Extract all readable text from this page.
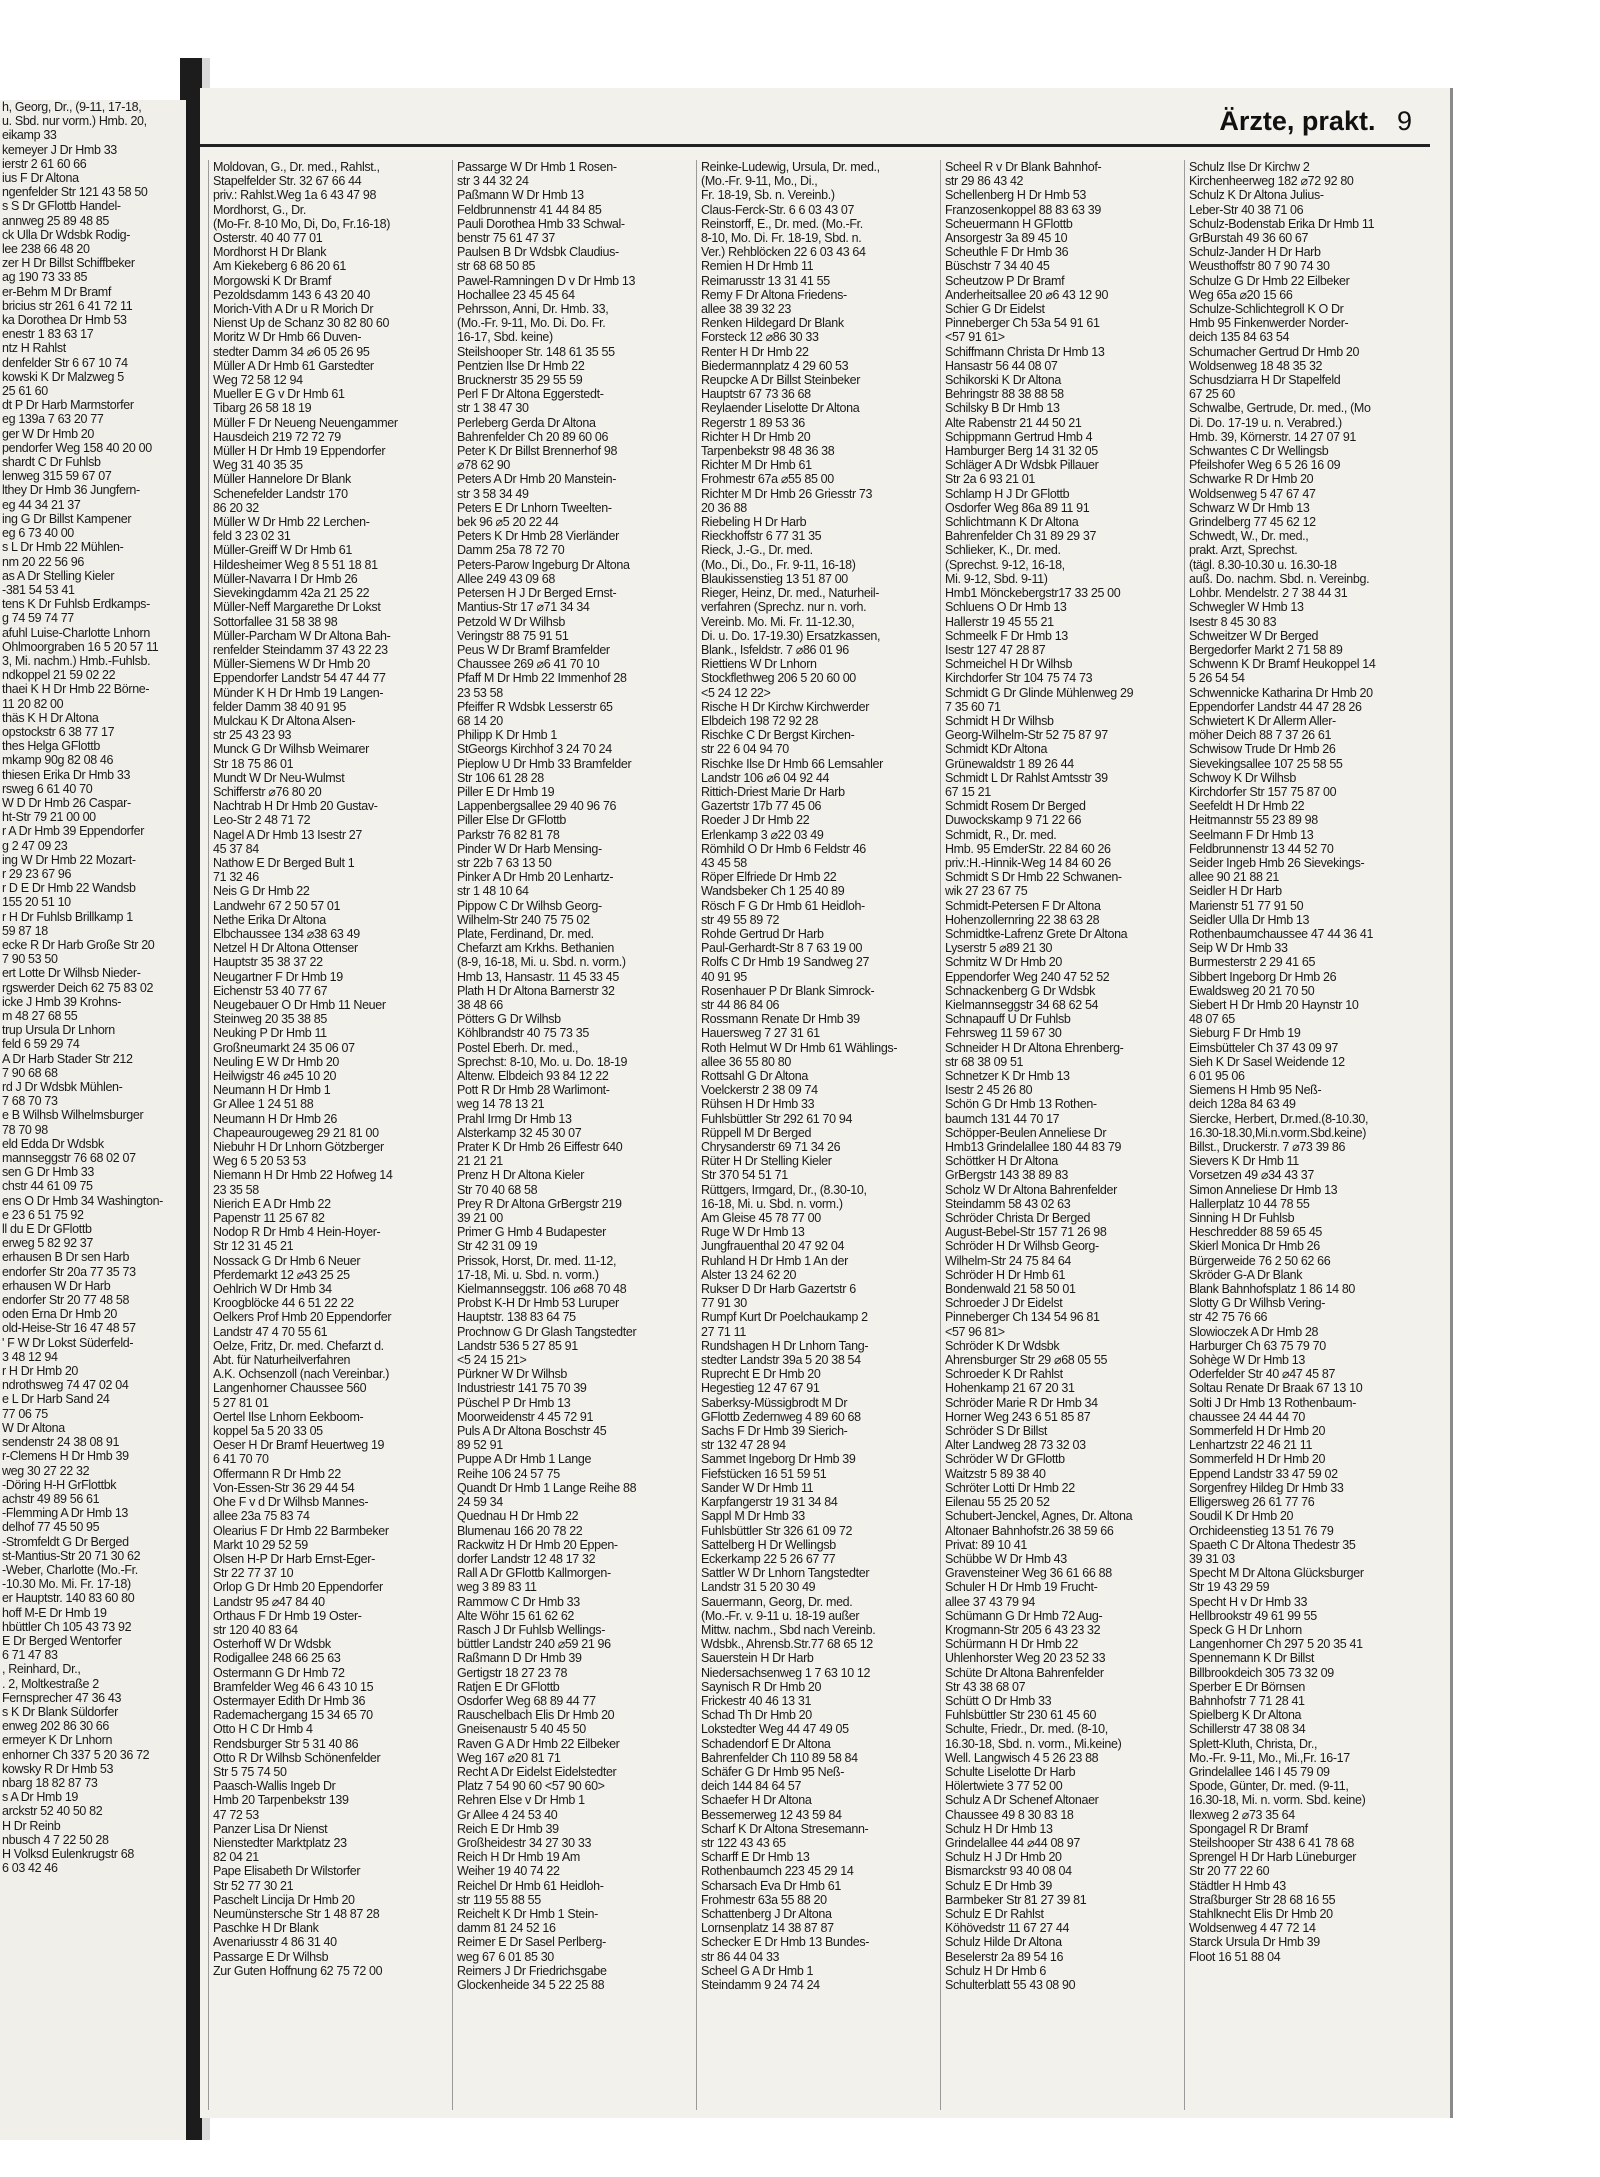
h, Georg, Dr., (9-11, 17-18,
u. Sbd. nur vorm.) Hmb. 20,
eikamp 33
kemeyer J Dr Hmb 33
ierstr 2 61 60 66
ius F Dr Altona
ngenfelder Str 121 43 58 50
s S Dr GFlottb Handel-
annweg 25 89 48 85
ck Ulla Dr Wdsbk Rodig-
lee 238 66 48 20
zer H Dr Billst Schiffbeker
ag 190 73 33 85
er-Behm M Dr Bramf
bricius str 261 6 41 72 11
ka Dorothea Dr Hmb 53
enestr 1 83 63 17
ntz H Rahlst
denfelder Str 6 67 10 74
kowski K Dr Malzweg 5
25 61 60
dt P Dr Harb Marmstorfer
eg 139a 7 63 20 77
ger W Dr Hmb 20
pendorfer Weg 158 40 20 00
shardt C Dr Fuhlsb
lenweg 315 59 67 07
lthey Dr Hmb 36 Jungfern-
eg 44 34 21 37
ing G Dr Billst Kampener
eg 6 73 40 00
s L Dr Hmb 22 Mühlen-
nm 20 22 56 96
as A Dr Stelling Kieler
-381 54 53 41
tens K Dr Fuhlsb Erdkamps-
g 74 59 74 77
afuhl Luise-Charlotte Lnhorn
Ohlmoorgraben 16 5 20 57 11
3, Mi. nachm.) Hmb.-Fuhlsb.
ndkoppel 21 59 02 22
thaei K H Dr Hmb 22 Börne-
11 20 82 00
thäs K H Dr Altona
opstockstr 6 38 77 17
thes Helga GFlottb
mkamp 90g 82 08 46
thiesen Erika Dr Hmb 33
rsweg 6 61 40 70
W D Dr Hmb 26 Caspar-
ht-Str 79 21 00 00
r A Dr Hmb 39 Eppendorfer
g 2 47 09 23
ing W Dr Hmb 22 Mozart-
r 29 23 67 96
r D E Dr Hmb 22 Wandsb
155 20 51 10
r H Dr Fuhlsb Brillkamp 1
59 87 18
ecke R Dr Harb Große Str 20
7 90 53 50
ert Lotte Dr Wilhsb Nieder-
rgswerder Deich 62 75 83 02
icke J Hmb 39 Krohns-
m 48 27 68 55
trup Ursula Dr Lnhorn
feld 6 59 29 74
A Dr Harb Stader Str 212
7 90 68 68
rd J Dr Wdsbk Mühlen-
7 68 70 73
e B Wilhsb Wilhelmsburger
78 70 98
eld Edda Dr Wdsbk
mannseggstr 76 68 02 07
sen G Dr Hmb 33
chstr 44 61 09 75
ens O Dr Hmb 34 Washington-
e 23 6 51 75 92
ll du E Dr GFlottb
erweg 5 82 92 37
erhausen B Dr sen Harb
endorfer Str 20a 77 35 73
erhausen W Dr Harb
endorfer Str 20 77 48 58
oden Erna Dr Hmb 20
old-Heise-Str 16 47 48 57
' F W Dr Lokst Süderfeld-
3 48 12 94
r H Dr Hmb 20
ndrothsweg 74 47 02 04
e L Dr Harb Sand 24
77 06 75
W Dr Altona
sendenstr 24 38 08 91
r-Clemens H Dr Hmb 39
weg 30 27 22 32
-Döring H-H GrFlottbk
achstr 49 89 56 61
-Flemming A Dr Hmb 13
delhof 77 45 50 95
-Stromfeldt G Dr Berged
st-Mantius-Str 20 71 30 62
-Weber, Charlotte (Mo.-Fr.
-10.30 Mo. Mi. Fr. 17-18)
er Hauptstr. 140 83 60 80
hoff M-E Dr Hmb 19
hbüttler Ch 105 43 73 92
E Dr Berged Wentorfer
6 71 47 83
, Reinhard, Dr.,
. 2, Moltkestraße 2
Fernsprecher 47 36 43
s K Dr Blank Süldorfer
enweg 202 86 30 66
ermeyer K Dr Lnhorn
enhorner Ch 337 5 20 36 72
kowsky R Dr Hmb 53
nbarg 18 82 87 73
s A Dr Hmb 19
arckstr 52 40 50 82
H Dr Reinb
nbusch 4 7 22 50 28
H Volksd Eulenkrugstr 68
6 03 42 46
Ärzte, prakt. 9
Moldovan, G., Dr. med., Rahlst.,
Stapelfelder Str. 32 67 66 44
priv.: Rahlst.Weg 1a 6 43 47 98
Mordhorst, G., Dr.
(Mo-Fr. 8-10 Mo, Di, Do, Fr.16-18)
Osterstr. 40 40 77 01
Mordhorst H Dr Blank
Am Kiekeberg 6 86 20 61
Morgowski K Dr Bramf
Pezoldsdamm 143 6 43 20 40
Morich-Vith A Dr u R Morich Dr
Nienst Up de Schanz 30 82 80 60
Moritz W Dr Hmb 66 Duven-
stedter Damm 34 ⌀6 05 26 95
Müller A Dr Hmb 61 Garstedter
Weg 72 58 12 94
Mueller E G v Dr Hmb 61
Tibarg 26 58 18 19
Müller F Dr Neueng Neuengammer
Hausdeich 219 72 72 79
Müller H Dr Hmb 19 Eppendorfer
Weg 31 40 35 35
Müller Hannelore Dr Blank
Schenefelder Landstr 170
86 20 32
Müller W Dr Hmb 22 Lerchen-
feld 3 23 02 31
Müller-Greiff W Dr Hmb 61
Hildesheimer Weg 8 5 51 18 81
Müller-Navarra I Dr Hmb 26
Sievekingdamm 42a 21 25 22
Müller-Neff Margarethe Dr Lokst
Sottorfallee 31 58 38 98
Müller-Parcham W Dr Altona Bah-
renfelder Steindamm 37 43 22 23
Müller-Siemens W Dr Hmb 20
Eppendorfer Landstr 54 47 44 77
Münder K H Dr Hmb 19 Langen-
felder Damm 38 40 91 95
Mulckau K Dr Altona Alsen-
str 25 43 23 93
Munck G Dr Wilhsb Weimarer
Str 18 75 86 01
Mundt W Dr Neu-Wulmst
Schifferstr ⌀76 80 20
Nachtrab H Dr Hmb 20 Gustav-
Leo-Str 2 48 71 72
Nagel A Dr Hmb 13 Isestr 27
45 37 84
Nathow E Dr Berged Bult 1
71 32 46
Neis G Dr Hmb 22
Landwehr 67 2 50 57 01
Nethe Erika Dr Altona
Elbchaussee 134 ⌀38 63 49
Netzel H Dr Altona Ottenser
Hauptstr 35 38 37 22
Neugartner F Dr Hmb 19
Eichenstr 53 40 77 67
Neugebauer O Dr Hmb 11 Neuer
Steinweg 20 35 38 85
Neuking P Dr Hmb 11
Großneumarkt 24 35 06 07
Neuling E W Dr Hmb 20
Heilwigstr 46 ⌀45 10 20
Neumann H Dr Hmb 1
Gr Allee 1 24 51 88
Neumann H Dr Hmb 26
Chapeaurougeweg 29 21 81 00
Niebuhr H Dr Lnhorn Götzberger
Weg 6 5 20 53 53
Niemann H Dr Hmb 22 Hofweg 14
23 35 58
Nierich E A Dr Hmb 22
Papenstr 11 25 67 82
Nodop R Dr Hmb 4 Hein-Hoyer-
Str 12 31 45 21
Nossack G Dr Hmb 6 Neuer
Pferdemarkt 12 ⌀43 25 25
Oehlrich W Dr Hmb 34
Kroogblöcke 44 6 51 22 22
Oelkers Prof Hmb 20 Eppendorfer
Landstr 47 4 70 55 61
Oelze, Fritz, Dr. med. Chefarzt d.
Abt. für Naturheilverfahren
A.K. Ochsenzoll (nach Vereinbar.)
Langenhorner Chaussee 560
5 27 81 01
Oertel Ilse Lnhorn Eekboom-
koppel 5a 5 20 33 05
Oeser H Dr Bramf Heuertweg 19
6 41 70 70
Offermann R Dr Hmb 22
Von-Essen-Str 36 29 44 54
Ohe F v d Dr Wilhsb Mannes-
allee 23a 75 83 74
Olearius F Dr Hmb 22 Barmbeker
Markt 10 29 52 59
Olsen H-P Dr Harb Ernst-Eger-
Str 22 77 37 10
Orlop G Dr Hmb 20 Eppendorfer
Landstr 95 ⌀47 84 40
Orthaus F Dr Hmb 19 Oster-
str 120 40 83 64
Osterhoff W Dr Wdsbk
Rodigallee 248 66 25 63
Ostermann G Dr Hmb 72
Bramfelder Weg 46 6 43 10 15
Ostermayer Edith Dr Hmb 36
Rademachergang 15 34 65 70
Otto H C Dr Hmb 4
Rendsburger Str 5 31 40 86
Otto R Dr Wilhsb Schönenfelder
Str 5 75 74 50
Paasch-Wallis Ingeb Dr
Hmb 20 Tarpenbekstr 139
47 72 53
Panzer Lisa Dr Nienst
Nienstedter Marktplatz 23
82 04 21
Pape Elisabeth Dr Wilstorfer
Str 52 77 30 21
Paschelt Lincija Dr Hmb 20
Neumünstersche Str 1 48 87 28
Paschke H Dr Blank
Avenariusstr 4 86 31 40
Passarge E Dr Wilhsb
Zur Guten Hoffnung 62 75 72 00
Passarge W Dr Hmb 1 Rosen-
str 3 44 32 24
Paßmann W Dr Hmb 13
Feldbrunnenstr 41 44 84 85
Pauli Dorothea Hmb 33 Schwal-
benstr 75 61 47 37
Paulsen B Dr Wdsbk Claudius-
str 68 68 50 85
Pawel-Ramningen D v Dr Hmb 13
Hochallee 23 45 45 64
Pehrsson, Anni, Dr. Hmb. 33,
(Mo.-Fr. 9-11, Mo. Di. Do. Fr.
16-17, Sbd. keine)
Steilshooper Str. 148 61 35 55
Pentzien Ilse Dr Hmb 22
Brucknerstr 35 29 55 59
Perl F Dr Altona Eggerstedt-
str 1 38 47 30
Perleberg Gerda Dr Altona
Bahrenfelder Ch 20 89 60 06
Peter K Dr Billst Brennerhof 98
⌀78 62 90
Peters A Dr Hmb 20 Manstein-
str 3 58 34 49
Peters E Dr Lnhorn Tweelten-
bek 96 ⌀5 20 22 44
Peters K Dr Hmb 28 Vierländer
Damm 25a 78 72 70
Peters-Parow Ingeburg Dr Altona
Allee 249 43 09 68
Petersen H J Dr Berged Ernst-
Mantius-Str 17 ⌀71 34 34
Petzold W Dr Wilhsb
Veringstr 88 75 91 51
Peus W Dr Bramf Bramfelder
Chaussee 269 ⌀6 41 70 10
Pfaff M Dr Hmb 22 Immenhof 28
23 53 58
Pfeiffer R Wdsbk Lesserstr 65
68 14 20
Philipp K Dr Hmb 1
StGeorgs Kirchhof 3 24 70 24
Pieplow U Dr Hmb 33 Bramfelder
Str 106 61 28 28
Piller E Dr Hmb 19
Lappenbergsallee 29 40 96 76
Piller Else Dr GFlottb
Parkstr 76 82 81 78
Pinder W Dr Harb Mensing-
str 22b 7 63 13 50
Pinker A Dr Hmb 20 Lenhartz-
str 1 48 10 64
Pippow C Dr Wilhsb Georg-
Wilhelm-Str 240 75 75 02
Plate, Ferdinand, Dr. med.
Chefarzt am Krkhs. Bethanien
(8-9, 16-18, Mi. u. Sbd. n. vorm.)
Hmb 13, Hansastr. 11 45 33 45
Plath H Dr Altona Barnerstr 32
38 48 66
Pötters G Dr Wilhsb
Köhlbrandstr 40 75 73 35
Postel Eberh. Dr. med.,
Sprechst: 8-10, Mo. u. Do. 18-19
Altenw. Elbdeich 93 84 12 22
Pott R Dr Hmb 28 Warlimont-
weg 14 78 13 21
Prahl Irmg Dr Hmb 13
Alsterkamp 32 45 30 07
Prater K Dr Hmb 26 Eiffestr 640
21 21 21
Prenz H Dr Altona Kieler
Str 70 40 68 58
Prey R Dr Altona GrBergstr 219
39 21 00
Primer G Hmb 4 Budapester
Str 42 31 09 19
Prissok, Horst, Dr. med. 11-12,
17-18, Mi. u. Sbd. n. vorm.)
Kielmannseggstr. 106 ⌀68 70 48
Probst K-H Dr Hmb 53 Luruper
Hauptstr. 138 83 64 75
Prochnow G Dr Glash Tangstedter
Landstr 536 5 27 85 91
<5 24 15 21>
Pürkner W Dr Wilhsb
Industriestr 141 75 70 39
Püschel P Dr Hmb 13
Moorweidenstr 4 45 72 91
Puls A Dr Altona Boschstr 45
89 52 91
Puppe A Dr Hmb 1 Lange
Reihe 106 24 57 75
Quandt Dr Hmb 1 Lange Reihe 88
24 59 34
Quednau H Dr Hmb 22
Blumenau 166 20 78 22
Rackwitz H Dr Hmb 20 Eppen-
dorfer Landstr 12 48 17 32
Rall A Dr GFlottb Kallmorgen-
weg 3 89 83 11
Rammow C Dr Hmb 33
Alte Wöhr 15 61 62 62
Rasch J Dr Fuhlsb Wellings-
büttler Landstr 240 ⌀59 21 96
Raßmann D Dr Hmb 39
Gertigstr 18 27 23 78
Ratjen E Dr GFlottb
Osdorfer Weg 68 89 44 77
Rauschelbach Elis Dr Hmb 20
Gneisenaustr 5 40 45 50
Raven G A Dr Hmb 22 Eilbeker
Weg 167 ⌀20 81 71
Recht A Dr Eidelst Eidelstedter
Platz 7 54 90 60 <57 90 60>
Rehren Else v Dr Hmb 1
Gr Allee 4 24 53 40
Reich E Dr Hmb 39
Großheidestr 34 27 30 33
Reich H Dr Hmb 19 Am
Weiher 19 40 74 22
Reichel Dr Hmb 61 Heidloh-
str 119 55 88 55
Reichelt K Dr Hmb 1 Stein-
damm 81 24 52 16
Reimer E Dr Sasel Perlberg-
weg 67 6 01 85 30
Reimers J Dr Friedrichsgabe
Glockenheide 34 5 22 25 88
Reinke-Ludewig, Ursula, Dr. med.,
(Mo.-Fr. 9-11, Mo., Di.,
Fr. 18-19, Sb. n. Vereinb.)
Claus-Ferck-Str. 6 6 03 43 07
Reinstorff, E., Dr. med. (Mo.-Fr.
8-10, Mo. Di. Fr. 18-19, Sbd. n.
Ver.) Rehblöcken 22 6 03 43 64
Remien H Dr Hmb 11
Reimarusstr 13 31 41 55
Remy F Dr Altona Friedens-
allee 38 39 32 23
Renken Hildegard Dr Blank
Forsteck 12 ⌀86 30 33
Renter H Dr Hmb 22
Biedermannplatz 4 29 60 53
Reupcke A Dr Billst Steinbeker
Hauptstr 67 73 36 68
Reylaender Liselotte Dr Altona
Regerstr 1 89 53 36
Richter H Dr Hmb 20
Tarpenbekstr 98 48 36 38
Richter M Dr Hmb 61
Frohmestr 67a ⌀55 85 00
Richter M Dr Hmb 26 Griesstr 73
20 36 88
Riebeling H Dr Harb
Rieckhoffstr 6 77 31 35
Rieck, J.-G., Dr. med.
(Mo., Di., Do., Fr. 9-11, 16-18)
Blaukissenstieg 13 51 87 00
Rieger, Heinz, Dr. med., Naturheil-
verfahren (Sprechz. nur n. vorh.
Vereinb. Mo. Mi. Fr. 11-12.30,
Di. u. Do. 17-19.30) Ersatzkassen,
Blank., Isfeldstr. 7 ⌀86 01 96
Riettiens W Dr Lnhorn
Stockflethweg 206 5 20 60 00
<5 24 12 22>
Rische H Dr Kirchw Kirchwerder
Elbdeich 198 72 92 28
Rischke C Dr Bergst Kirchen-
str 22 6 04 94 70
Rischke Ilse Dr Hmb 66 Lemsahler
Landstr 106 ⌀6 04 92 44
Rittich-Driest Marie Dr Harb
Gazertstr 17b 77 45 06
Roeder J Dr Hmb 22
Erlenkamp 3 ⌀22 03 49
Römhild O Dr Hmb 6 Feldstr 46
43 45 58
Röper Elfriede Dr Hmb 22
Wandsbeker Ch 1 25 40 89
Rösch F G Dr Hmb 61 Heidloh-
str 49 55 89 72
Rohde Gertrud Dr Harb
Paul-Gerhardt-Str 8 7 63 19 00
Rolfs C Dr Hmb 19 Sandweg 27
40 91 95
Rosenhauer P Dr Blank Simrock-
str 44 86 84 06
Rossmann Renate Dr Hmb 39
Hauersweg 7 27 31 61
Roth Helmut W Dr Hmb 61 Wählings-
allee 36 55 80 80
Rottsahl G Dr Altona
Voelckerstr 2 38 09 74
Rühsen H Dr Hmb 33
Fuhlsbüttler Str 292 61 70 94
Rüppell M Dr Berged
Chrysanderstr 69 71 34 26
Rüter H Dr Stelling Kieler
Str 370 54 51 71
Rüttgers, Irmgard, Dr., (8.30-10,
16-18, Mi. u. Sbd. n. vorm.)
Am Gleise 45 78 77 00
Ruge W Dr Hmb 13
Jungfrauenthal 20 47 92 04
Ruhland H Dr Hmb 1 An der
Alster 13 24 62 20
Rukser D Dr Harb Gazertstr 6
77 91 30
Rumpf Kurt Dr Poelchaukamp 2
27 71 11
Rundshagen H Dr Lnhorn Tang-
stedter Landstr 39a 5 20 38 54
Ruprecht E Dr Hmb 20
Hegestieg 12 47 67 91
Saberksy-Müssigbrodt M Dr
GFlottb Zedernweg 4 89 60 68
Sachs F Dr Hmb 39 Sierich-
str 132 47 28 94
Sammet Ingeborg Dr Hmb 39
Fiefstücken 16 51 59 51
Sander W Dr Hmb 11
Karpfangerstr 19 31 34 84
Sappl M Dr Hmb 33
Fuhlsbüttler Str 326 61 09 72
Sattelberg H Dr Wellingsb
Eckerkamp 22 5 26 67 77
Sattler W Dr Lnhorn Tangstedter
Landstr 31 5 20 30 49
Sauermann, Georg, Dr. med.
(Mo.-Fr. v. 9-11 u. 18-19 außer
Mittw. nachm., Sbd nach Vereinb.
Wdsbk., Ahrensb.Str.77 68 65 12
Sauerstein H Dr Harb
Niedersachsenweg 1 7 63 10 12
Saynisch R Dr Hmb 20
Frickestr 40 46 13 31
Schad Th Dr Hmb 20
Lokstedter Weg 44 47 49 05
Schadendorf E Dr Altona
Bahrenfelder Ch 110 89 58 84
Schäfer G Dr Hmb 95 Neß-
deich 144 84 64 57
Schaefer H Dr Altona
Bessemerweg 12 43 59 84
Scharf K Dr Altona Stresemann-
str 122 43 43 65
Scharff E Dr Hmb 13
Rothenbaumch 223 45 29 14
Scharsach Eva Dr Hmb 61
Frohmestr 63a 55 88 20
Schattenberg J Dr Altona
Lornsenplatz 14 38 87 87
Schecker E Dr Hmb 13 Bundes-
str 86 44 04 33
Scheel G A Dr Hmb 1
Steindamm 9 24 74 24
Scheel R v Dr Blank Bahnhof-
str 29 86 43 42
Schellenberg H Dr Hmb 53
Franzosenkoppel 88 83 63 39
Scheuermann H GFlottb
Ansorgestr 3a 89 45 10
Scheuthle F Dr Hmb 36
Büschstr 7 34 40 45
Scheutzow P Dr Bramf
Anderheitsallee 20 ⌀6 43 12 90
Schier G Dr Eidelst
Pinneberger Ch 53a 54 91 61
<57 91 61>
Schiffmann Christa Dr Hmb 13
Hansastr 56 44 08 07
Schikorski K Dr Altona
Behringstr 88 38 88 58
Schilsky B Dr Hmb 13
Alte Rabenstr 21 44 50 21
Schippmann Gertrud Hmb 4
Hamburger Berg 14 31 32 05
Schläger A Dr Wdsbk Pillauer
Str 2a 6 93 21 01
Schlamp H J Dr GFlottb
Osdorfer Weg 86a 89 11 91
Schlichtmann K Dr Altona
Bahrenfelder Ch 31 89 29 37
Schlieker, K., Dr. med.
(Sprechst. 9-12, 16-18,
Mi. 9-12, Sbd. 9-11)
Hmb1 Mönckebergstr17 33 25 00
Schluens O Dr Hmb 13
Hallerstr 19 45 55 21
Schmeelk F Dr Hmb 13
Isestr 127 47 28 87
Schmeichel H Dr Wilhsb
Kirchdorfer Str 104 75 74 73
Schmidt G Dr Glinde Mühlenweg 29
7 35 60 71
Schmidt H Dr Wilhsb
Georg-Wilhelm-Str 52 75 87 97
Schmidt KDr Altona
Grünewaldstr 1 89 26 44
Schmidt L Dr Rahlst Amtsstr 39
67 15 21
Schmidt Rosem Dr Berged
Duwockskamp 9 71 22 66
Schmidt, R., Dr. med.
Hmb. 95 EmderStr. 22 84 60 26
priv.:H.-Hinnik-Weg 14 84 60 26
Schmidt S Dr Hmb 22 Schwanen-
wik 27 23 67 75
Schmidt-Petersen F Dr Altona
Hohenzollernring 22 38 63 28
Schmidtke-Lafrenz Grete Dr Altona
Lyserstr 5 ⌀89 21 30
Schmitz W Dr Hmb 20
Eppendorfer Weg 240 47 52 52
Schnackenberg G Dr Wdsbk
Kielmannseggstr 34 68 62 54
Schnapauff U Dr Fuhlsb
Fehrsweg 11 59 67 30
Schneider H Dr Altona Ehrenberg-
str 68 38 09 51
Schnetzer K Dr Hmb 13
Isestr 2 45 26 80
Schön G Dr Hmb 13 Rothen-
baumch 131 44 70 17
Schöpper-Beulen Anneliese Dr
Hmb13 Grindelallee 180 44 83 79
Schöttker H Dr Altona
GrBergstr 143 38 89 83
Scholz W Dr Altona Bahrenfelder
Steindamm 58 43 02 63
Schröder Christa Dr Berged
August-Bebel-Str 157 71 26 98
Schröder H Dr Wilhsb Georg-
Wilhelm-Str 24 75 84 64
Schröder H Dr Hmb 61
Bondenwald 21 58 50 01
Schroeder J Dr Eidelst
Pinneberger Ch 134 54 96 81
<57 96 81>
Schröder K Dr Wdsbk
Ahrensburger Str 29 ⌀68 05 55
Schroeder K Dr Rahlst
Hohenkamp 21 67 20 31
Schröder Marie R Dr Hmb 34
Horner Weg 243 6 51 85 87
Schröder S Dr Billst
Alter Landweg 28 73 32 03
Schröder W Dr GFlottb
Waitzstr 5 89 38 40
Schröter Lotti Dr Hmb 22
Eilenau 55 25 20 52
Schubert-Jenckel, Agnes, Dr. Altona
Altonaer Bahnhofstr.26 38 59 66
Privat: 89 10 41
Schübbe W Dr Hmb 43
Gravensteiner Weg 36 61 66 88
Schuler H Dr Hmb 19 Frucht-
allee 37 43 79 94
Schümann G Dr Hmb 72 Aug-
Krogmann-Str 205 6 43 23 32
Schürmann H Dr Hmb 22
Uhlenhorster Weg 20 23 52 33
Schüte Dr Altona Bahrenfelder
Str 43 38 68 07
Schütt O Dr Hmb 33
Fuhlsbüttler Str 230 61 45 60
Schulte, Friedr., Dr. med. (8-10,
16.30-18, Sbd. n. vorm., Mi.keine)
Well. Langwisch 4 5 26 23 88
Schulte Liselotte Dr Harb
Hölertwiete 3 77 52 00
Schulz A Dr Schenef Altonaer
Chaussee 49 8 30 83 18
Schulz H Dr Hmb 13
Grindelallee 44 ⌀44 08 97
Schulz H J Dr Hmb 20
Bismarckstr 93 40 08 04
Schulz E Dr Hmb 39
Barmbeker Str 81 27 39 81
Schulz E Dr Rahlst
Köhövedstr 11 67 27 44
Schulz Hilde Dr Altona
Beselerstr 2a 89 54 16
Schulz H Dr Hmb 6
Schulterblatt 55 43 08 90
Schulz Ilse Dr Kirchw 2
Kirchenheerweg 182 ⌀72 92 80
Schulz K Dr Altona Julius-
Leber-Str 40 38 71 06
Schulz-Bodenstab Erika Dr Hmb 11
GrBurstah 49 36 60 67
Schulz-Jander H Dr Harb
Weusthoffstr 80 7 90 74 30
Schulze G Dr Hmb 22 Eilbeker
Weg 65a ⌀20 15 66
Schulze-Schlichtegroll K O Dr
Hmb 95 Finkenwerder Norder-
deich 135 84 63 54
Schumacher Gertrud Dr Hmb 20
Woldsenweg 18 48 35 32
Schusdziarra H Dr Stapelfeld
67 25 60
Schwalbe, Gertrude, Dr. med., (Mo
Di. Do. 17-19 u. n. Verabred.)
Hmb. 39, Körnerstr. 14 27 07 91
Schwantes C Dr Wellingsb
Pfeilshofer Weg 6 5 26 16 09
Schwarke R Dr Hmb 20
Woldsenweg 5 47 67 47
Schwarz W Dr Hmb 13
Grindelberg 77 45 62 12
Schwedt, W., Dr. med.,
prakt. Arzt, Sprechst.
(tägl. 8.30-10.30 u. 16.30-18
auß. Do. nachm. Sbd. n. Vereinbg.
Lohbr. Mendelstr. 2 7 38 44 31
Schwegler W Hmb 13
Isestr 8 45 30 83
Schweitzer W Dr Berged
Bergedorfer Markt 2 71 58 89
Schwenn K Dr Bramf Heukoppel 14
5 26 54 54
Schwennicke Katharina Dr Hmb 20
Eppendorfer Landstr 44 47 28 26
Schwietert K Dr Allerm Aller-
möher Deich 88 7 37 26 61
Schwisow Trude Dr Hmb 26
Sievekingsallee 107 25 58 55
Schwoy K Dr Wilhsb
Kirchdorfer Str 157 75 87 00
Seefeldt H Dr Hmb 22
Heitmannstr 55 23 89 98
Seelmann F Dr Hmb 13
Feldbrunnenstr 13 44 52 70
Seider Ingeb Hmb 26 Sievekings-
allee 90 21 88 21
Seidler H Dr Harb
Marienstr 51 77 91 50
Seidler Ulla Dr Hmb 13
Rothenbaumchaussee 47 44 36 41
Seip W Dr Hmb 33
Burmesterstr 2 29 41 65
Sibbert Ingeborg Dr Hmb 26
Ewaldsweg 20 21 70 50
Siebert H Dr Hmb 20 Haynstr 10
48 07 65
Sieburg F Dr Hmb 19
Eimsbütteler Ch 37 43 09 97
Sieh K Dr Sasel Weidende 12
6 01 95 06
Siemens H Hmb 95 Neß-
deich 128a 84 63 49
Siercke, Herbert, Dr.med.(8-10.30,
16.30-18.30,Mi.n.vorm.Sbd.keine)
Billst., Druckerstr. 7 ⌀73 39 86
Sievers K Dr Hmb 11
Vorsetzen 49 ⌀34 43 37
Simon Anneliese Dr Hmb 13
Hallerplatz 10 44 78 55
Sinning H Dr Fuhlsb
Heschredder 88 59 65 45
Skierl Monica Dr Hmb 26
Bürgerweide 76 2 50 62 66
Skröder G-A Dr Blank
Blank Bahnhofsplatz 1 86 14 80
Slotty G Dr Wilhsb Vering-
str 42 75 76 66
Slowioczek A Dr Hmb 28
Harburger Ch 63 75 79 70
Sohège W Dr Hmb 13
Oderfelder Str 40 ⌀47 45 87
Soltau Renate Dr Braak 67 13 10
Solti J Dr Hmb 13 Rothenbaum-
chaussee 24 44 44 70
Sommerfeld H Dr Hmb 20
Lenhartzstr 22 46 21 11
Sommerfeld H Dr Hmb 20
Eppend Landstr 33 47 59 02
Sorgenfrey Hildeg Dr Hmb 33
Elligersweg 26 61 77 76
Soudil K Dr Hmb 20
Orchideenstieg 13 51 76 79
Spaeth C Dr Altona Thedestr 35
39 31 03
Specht M Dr Altona Glücksburger
Str 19 43 29 59
Specht H v Dr Hmb 33
Hellbrookstr 49 61 99 55
Speck G H Dr Lnhorn
Langenhorner Ch 297 5 20 35 41
Spennemann K Dr Billst
Billbrookdeich 305 73 32 09
Sperber E Dr Börnsen
Bahnhofstr 7 71 28 41
Spielberg K Dr Altona
Schillerstr 47 38 08 34
Splett-Kluth, Christa, Dr.,
Mo.-Fr. 9-11, Mo., Mi.,Fr. 16-17
Grindelallee 146 I 45 79 09
Spode, Günter, Dr. med. (9-11,
16.30-18, Mi. n. vorm. Sbd. keine)
Ilexweg 2 ⌀73 35 64
Spongagel R Dr Bramf
Steilshooper Str 438 6 41 78 68
Sprengel H Dr Harb Lüneburger
Str 20 77 22 60
Städtler H Hmb 43
Straßburger Str 28 68 16 55
Stahlknecht Elis Dr Hmb 20
Woldsenweg 4 47 72 14
Starck Ursula Dr Hmb 39
Floot 16 51 88 04
